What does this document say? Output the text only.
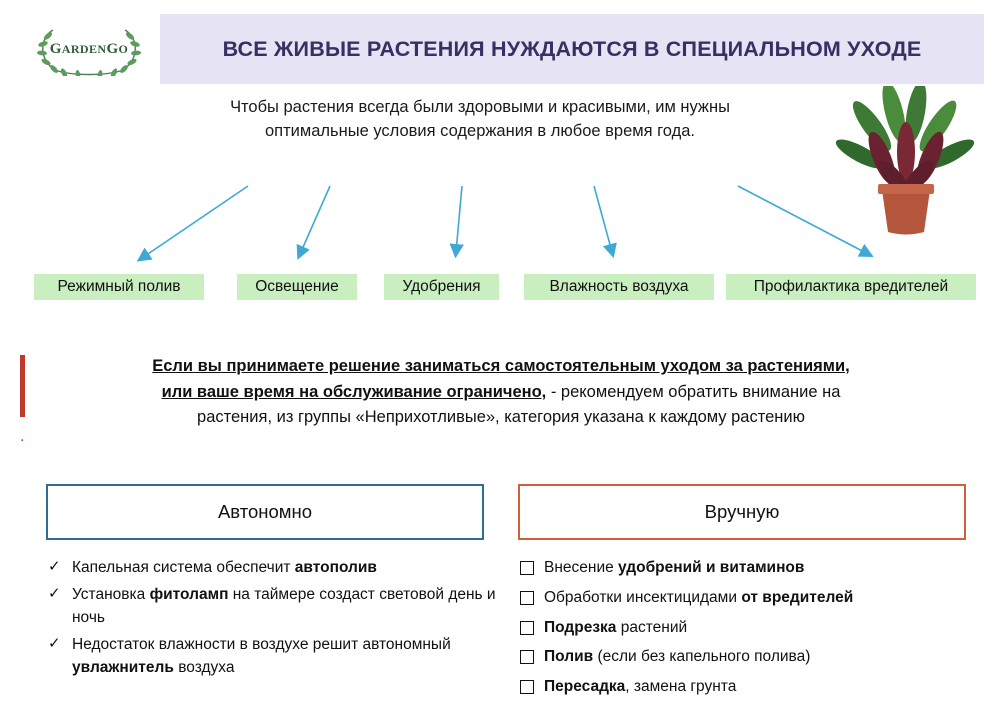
GARDENGO	ВСЕ ЖИВЫЕ РАСТЕНИЯ НУЖДАЮТСЯ В СПЕЦИАЛЬНОМ УХОДЕ
Чтобы растения всегда были здоровыми и красивыми, им нужны
оптимальные условия содержания в любое время года.
Режимный полив	Освещение	Удобрения	Влажность воздуха	Профилактика вредителей
.
Если вы принимаете решение заниматься самостоятельным уходом за растениями,
или ваше время на обслуживание ограничено, - рекомендуем обратить внимание на
растения, из группы «Неприхотливые», категория указана к каждому растению
Автономно	Вручную
✓ Капельная система обеспечит автополив
✓ Установка фитоламп на таймере создаст световой день и ночь
✓ Недостаток влажности в воздухе решит автономный увлажнитель воздуха
Внесение удобрений и витаминов
Обработки инсектицидами от вредителей
Подрезка растений
Полив (если без капельного полива)
Пересадка, замена грунта
